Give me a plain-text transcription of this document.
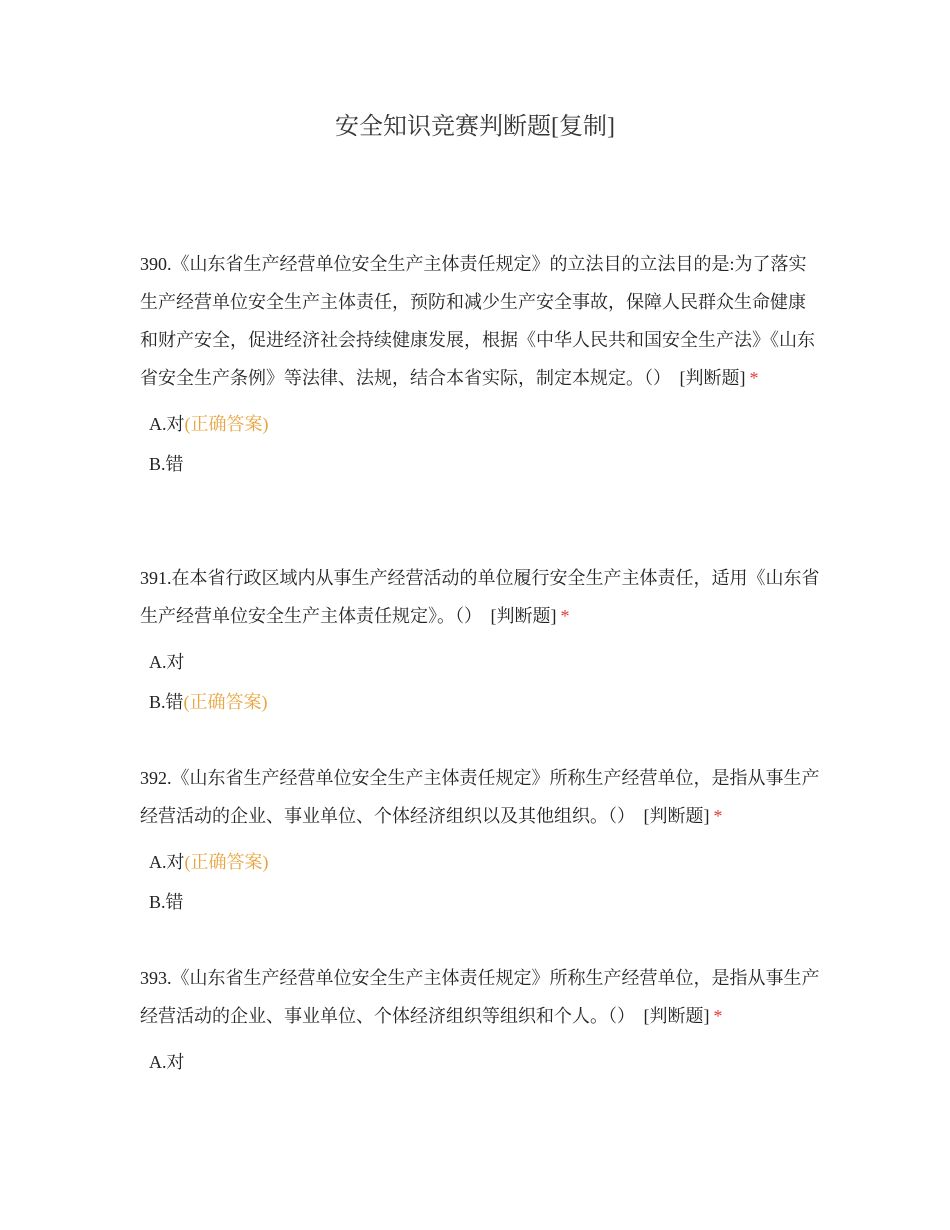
安全知识竞赛判断题[复制]

390.《山东省生产经营单位安全生产主体责任规定》的立法目的立法目的是:为了落实生产经营单位安全生产主体责任，预防和减少生产安全事故，保障人民群众生命健康和财产安全，促进经济社会持续健康发展，根据《中华人民共和国安全生产法》《山东省安全生产条例》等法律、法规，结合本省实际，制定本规定。（） [判断题] *

A.对(正确答案)
B.错

391.在本省行政区域内从事生产经营活动的单位履行安全生产主体责任，适用《山东省生产经营单位安全生产主体责任规定》。（） [判断题] *

A.对
B.错(正确答案)

392.《山东省生产经营单位安全生产主体责任规定》所称生产经营单位，是指从事生产经营活动的企业、事业单位、个体经济组织以及其他组织。（） [判断题] *

A.对(正确答案)
B.错

393.《山东省生产经营单位安全生产主体责任规定》所称生产经营单位，是指从事生产经营活动的企业、事业单位、个体经济组织等组织和个人。（） [判断题] *

A.对
